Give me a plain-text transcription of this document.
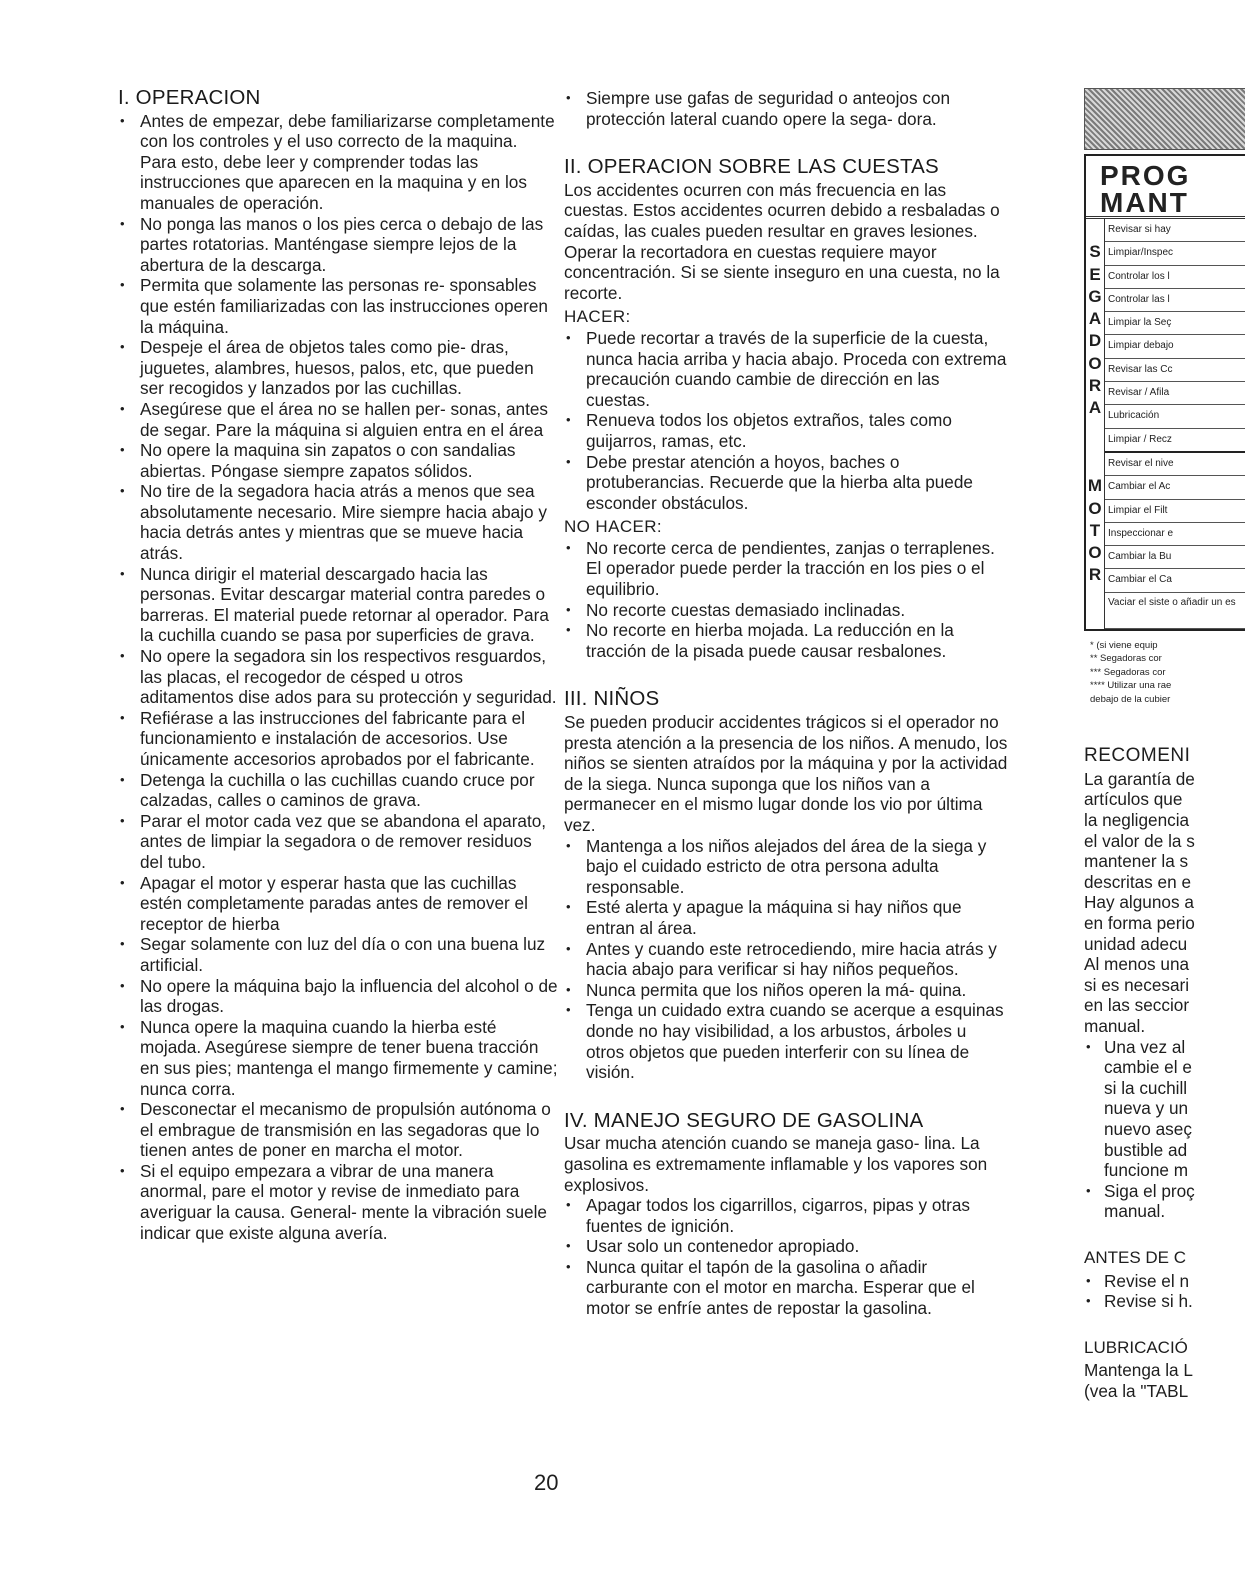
I. OPERACION
• Antes de empezar, debe familiarizarse completamente con los controles y el uso correcto de la maquina. Para esto, debe leer y comprender todas las instrucciones que aparecen en la maquina y en los manuales de operación.
• No ponga las manos o los pies cerca o debajo de las partes rotatorias. Manténgase siempre lejos de la abertura de la descarga.
• Permita que solamente las personas re- sponsables que estén familiarizadas con las instrucciones operen la máquina.
• Despeje el área de objetos tales como pie- dras, juguetes, alambres, huesos, palos, etc, que pueden ser recogidos y lanzados por las cuchillas.
• Asegúrese que el área no se hallen per- sonas, antes de segar. Pare la máquina si alguien entra en el área
• No opere la maquina sin zapatos o con sandalias abiertas. Póngase siempre zapatos sólidos.
• No tire de la segadora hacia atrás a menos que sea absolutamente necesario. Mire siempre hacia abajo y hacia detrás antes y mientras que se mueve hacia atrás.
• Nunca dirigir el material descargado hacia las personas. Evitar descargar material contra paredes o barreras. El material puede retornar al operador. Para la cuchilla cuando se pasa por superficies de grava.
• No opere la segadora sin los respectivos resguardos, las placas, el recogedor de césped u otros aditamentos dise ados para su protección y seguridad.
• Refiérase a las instrucciones del fabricante para el funcionamiento e instalación de accesorios. Use únicamente accesorios aprobados por el fabricante.
• Detenga la cuchilla o las cuchillas cuando cruce por calzadas, calles o caminos de grava.
• Parar el motor cada vez que se abandona el aparato, antes de limpiar la segadora o de remover residuos del tubo.
• Apagar el motor y esperar hasta que las cuchillas estén completamente paradas antes de remover el receptor de hierba
• Segar solamente con luz del día o con una buena luz artificial.
• No opere la máquina bajo la influencia del alcohol o de las drogas.
• Nunca opere la maquina cuando la hierba esté mojada. Asegúrese siempre de tener buena tracción en sus pies; mantenga el mango firmemente y camine; nunca corra.
• Desconectar el mecanismo de propulsión autónoma o el embrague de transmisión en las segadoras que lo tienen antes de poner en marcha el motor.
• Si el equipo empezara a vibrar de una manera anormal, pare el motor y revise de inmediato para averiguar la causa. General- mente la vibración suele indicar que existe alguna avería.
• Siempre use gafas de seguridad o anteojos con protección lateral cuando opere la sega- dora.
II. OPERACION SOBRE LAS CUESTAS

Los accidentes ocurren con más frecuencia en las cuestas. Estos accidentes ocurren debido a resbaladas o caídas, las cuales pueden resultar en graves lesiones. Operar la recortadora en cuestas requiere mayor concentración. Si se siente inseguro en una cuesta, no la recorte.

HACER:
• Puede recortar a través de la superficie de la cuesta, nunca hacia arriba y hacia abajo. Proceda con extrema precaución cuando cambie de dirección en las cuestas.
• Renueva todos los objetos extraños, tales como guijarros, ramas, etc.
• Debe prestar atención a hoyos, baches o protuberancias. Recuerde que la hierba alta puede esconder obstáculos.
NO HACER:
• No recorte cerca de pendientes, zanjas o terraplenes. El operador puede perder la tracción en los pies o el equilibrio.
• No recorte cuestas demasiado inclinadas.
• No recorte en hierba mojada. La reducción en la tracción de la pisada puede causar resbalones.
III. NIÑOS

Se pueden producir accidentes trágicos si el operador no presta atención a la presencia de los niños. A menudo, los niños se sienten atraídos por la máquina y por la actividad de la siega. Nunca suponga que los niños van a permanecer en el mismo lugar donde los vio por última vez.

• Mantenga a los niños alejados del área de la siega y bajo el cuidado estricto de otra persona adulta responsable.
• Esté alerta y apague la máquina si hay niños que entran al área.
• Antes y cuando este retrocediendo, mire hacia atrás y hacia abajo para verificar si hay niños pequeños.
• Nunca permita que los niños operen la má- quina.
• Tenga un cuidado extra cuando se acerque a esquinas donde no hay visibilidad, a los arbustos, árboles u otros objetos que pueden interferir con su línea de visión.
IV. MANEJO SEGURO DE GASOLINA

Usar mucha atención cuando se maneja gaso- lina. La gasolina es extremamente inflamable y los vapores son explosivos.

• Apagar todos los cigarrillos, cigarros, pipas y otras fuentes de ignición.
• Usar solo un contenedor apropiado.
• Nunca quitar el tapón de la gasolina o añadir carburante con el motor en marcha. Esperar que el motor se enfríe antes de repostar la gasolina.
PROG
MANT
S
E
G
A
D
O
R
A
Revisar si hay
Limpiar/Inspec
Controlar los l
Controlar las l
Limpiar la Seç
Limpiar debajo
Revisar las Cc
Revisar / Afila
Lubricación
Limpiar / Recz
M
O
T
O
R
Revisar el nive
Cambiar el Ac
Limpiar el Filt
Inspeccionar e
Cambiar la Bu
Cambiar el Ca
Vaciar el siste o añadir un es
* (si viene equip
** Segadoras cor
*** Segadoras cor
**** Utilizar una rae
debajo de la cubier
RECOMENI
La garantía de
artículos que
la negligencia
el valor de la s
mantener la s
descritas en e
Hay algunos a
en forma perio
unidad adecu
Al menos una
si es necesari
en las seccior
manual.
• Una vez al
cambie el e
si la cuchill
nueva y un
nuevo aseç
bustible ad
funcione m
• Siga el proç
manual.
ANTES DE C
• Revise el n
• Revise si h.
LUBRICACIÓ
Mantenga la L
(vea la "TABL
20
